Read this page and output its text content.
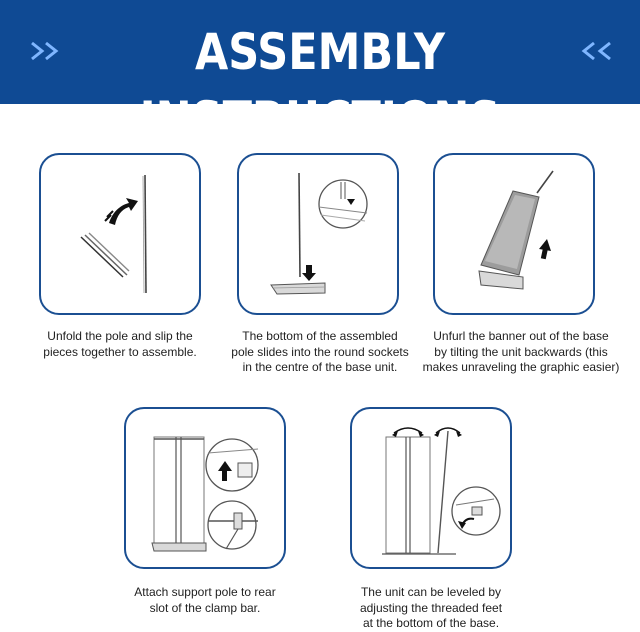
ASSEMBLY INSTRUCTIONS
Unfold the pole and slip the
pieces together to assemble.
The bottom of the assembled
pole slides into the round sockets
in the centre of the base unit.
Unfurl the banner out of the base
by tilting the unit backwards (this
makes unraveling the graphic easier)
Attach support pole to rear
slot of the clamp bar.
The unit can be leveled by
adjusting the threaded feet
at the bottom of the base.
